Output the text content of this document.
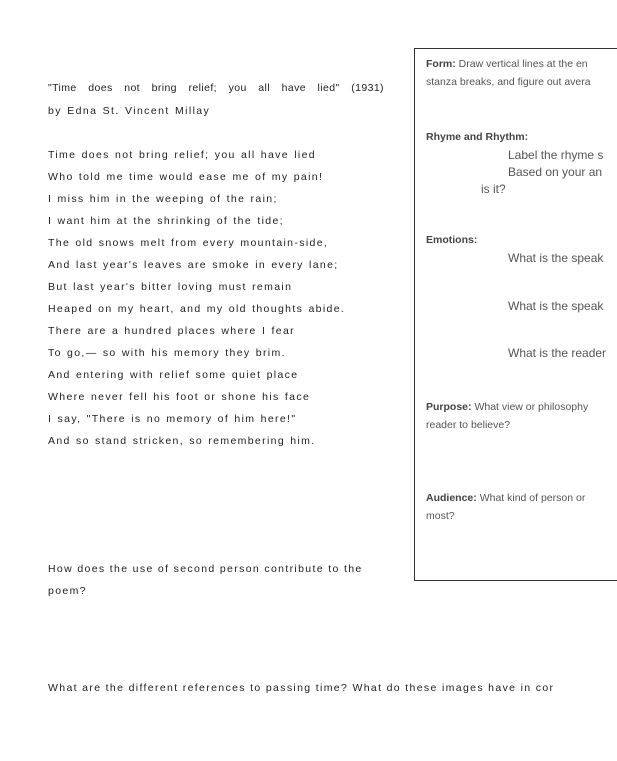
"Time does not bring relief; you all have lied" (1931)
by Edna St. Vincent Millay
Time does not bring relief; you all have lied
Who told me time would ease me of my pain!
I miss him in the weeping of the rain;
I want him at the shrinking of the tide;
The old snows melt from every mountain-side,
And last year's leaves are smoke in every lane;
But last year's bitter loving must remain
Heaped on my heart, and my old thoughts abide.
There are a hundred places where I fear
To go,— so with his memory they brim.
And entering with relief some quiet place
Where never fell his foot or shone his face
I say, "There is no memory of him here!"
And so stand stricken, so remembering him.
How does the use of second person contribute to the poem?
What are the different references to passing time? What do these images have in cor
Form: Draw vertical lines at the en
stanza breaks, and figure out avera
Rhyme and Rhythm:
Label the rhyme s
Based on your an
is it?
Emotions:
What is the speak
What is the speak
What is the reader
Purpose: What view or philosophy
reader to believe?
Audience: What kind of person or
most?
